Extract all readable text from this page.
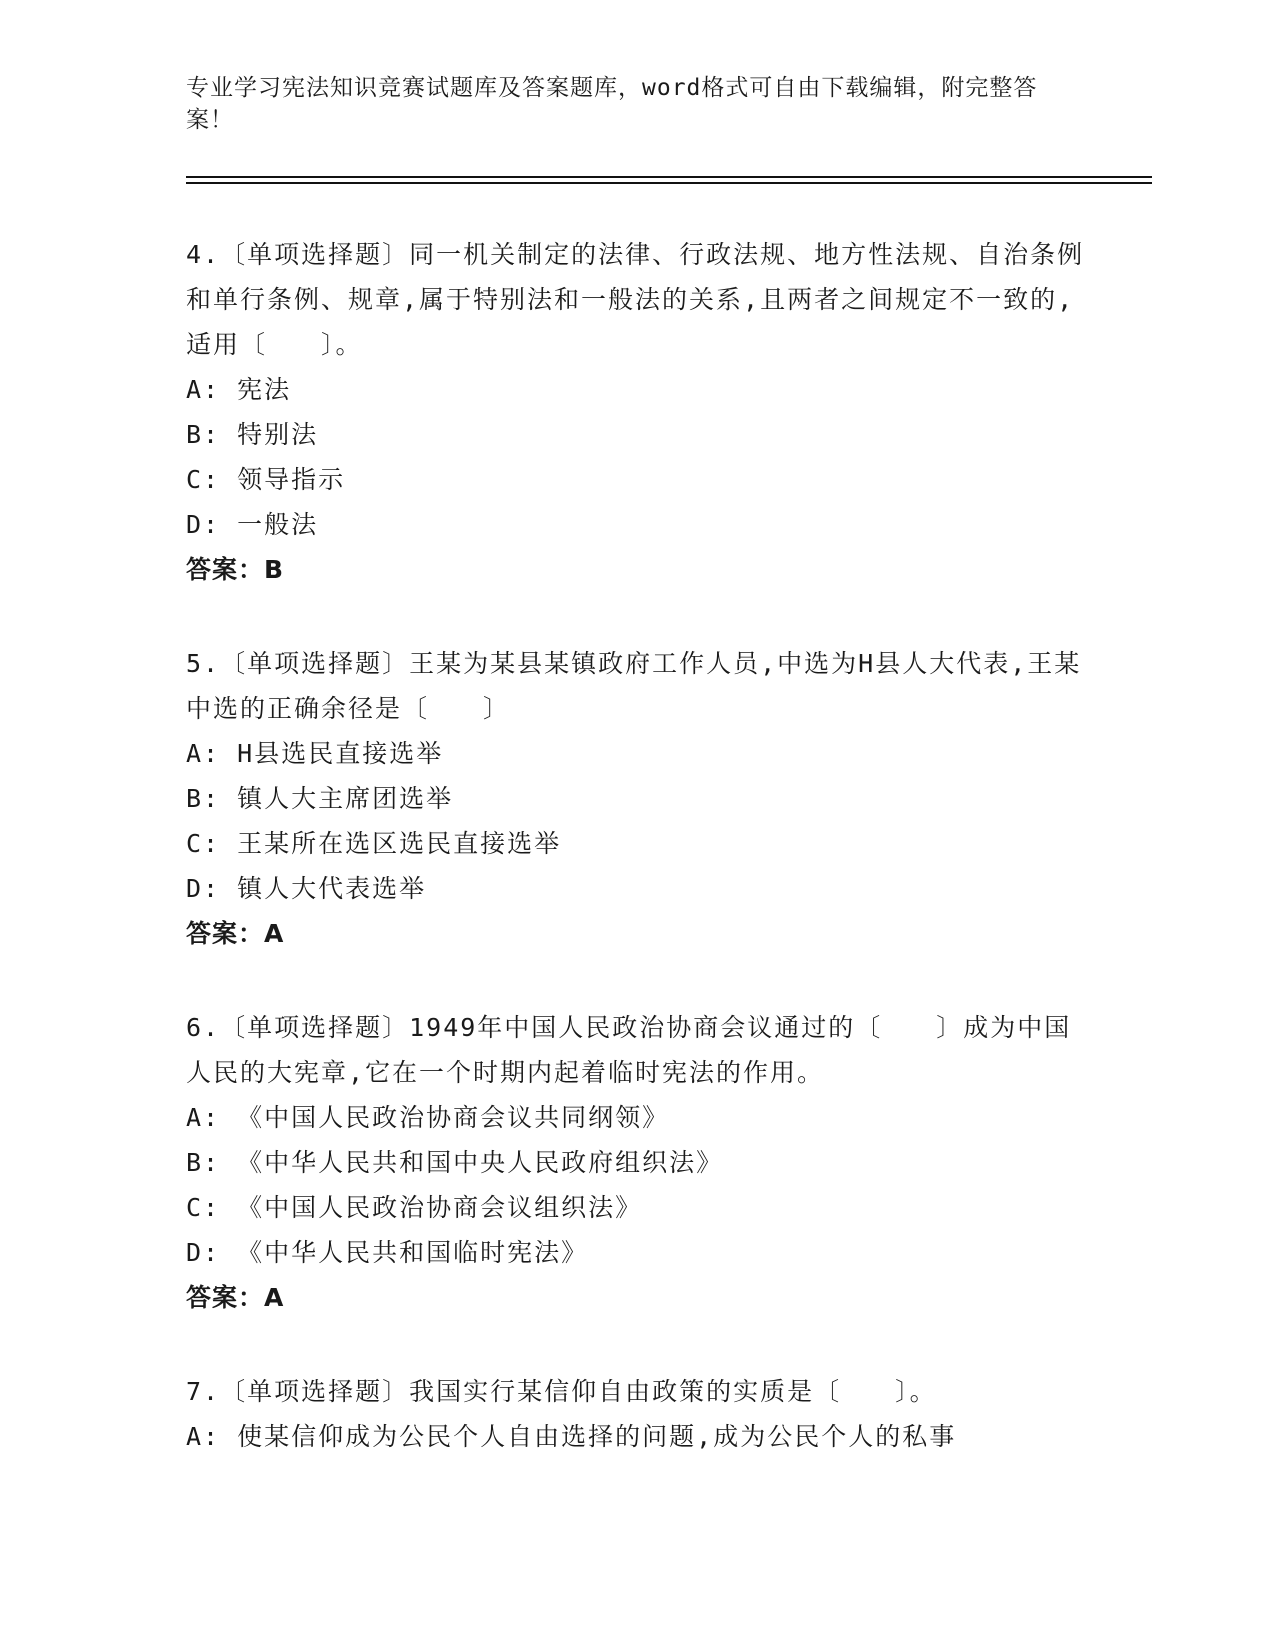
专业学习宪法知识竞赛试题库及答案题库，word格式可自由下载编辑，附完整答案！

4.〔单项选择题〕同一机关制定的法律、行政法规、地方性法规、自治条例和单行条例、规章,属于特别法和一般法的关系,且两者之间规定不一致的,适用〔　　〕。

A: 宪法

B: 特别法

C: 领导指示

D: 一般法

答案：B

5.〔单项选择题〕王某为某县某镇政府工作人员,中选为H县人大代表,王某中选的正确余径是〔　　〕

A: H县选民直接选举

B: 镇人大主席团选举

C: 王某所在选区选民直接选举

D: 镇人大代表选举

答案：A

6.〔单项选择题〕1949年中国人民政治协商会议通过的〔　　〕成为中国人民的大宪章,它在一个时期内起着临时宪法的作用。

A: 《中国人民政治协商会议共同纲领》

B: 《中华人民共和国中央人民政府组织法》

C: 《中国人民政治协商会议组织法》

D: 《中华人民共和国临时宪法》

答案：A

7.〔单项选择题〕我国实行某信仰自由政策的实质是〔　　〕。

A: 使某信仰成为公民个人自由选择的问题,成为公民个人的私事
